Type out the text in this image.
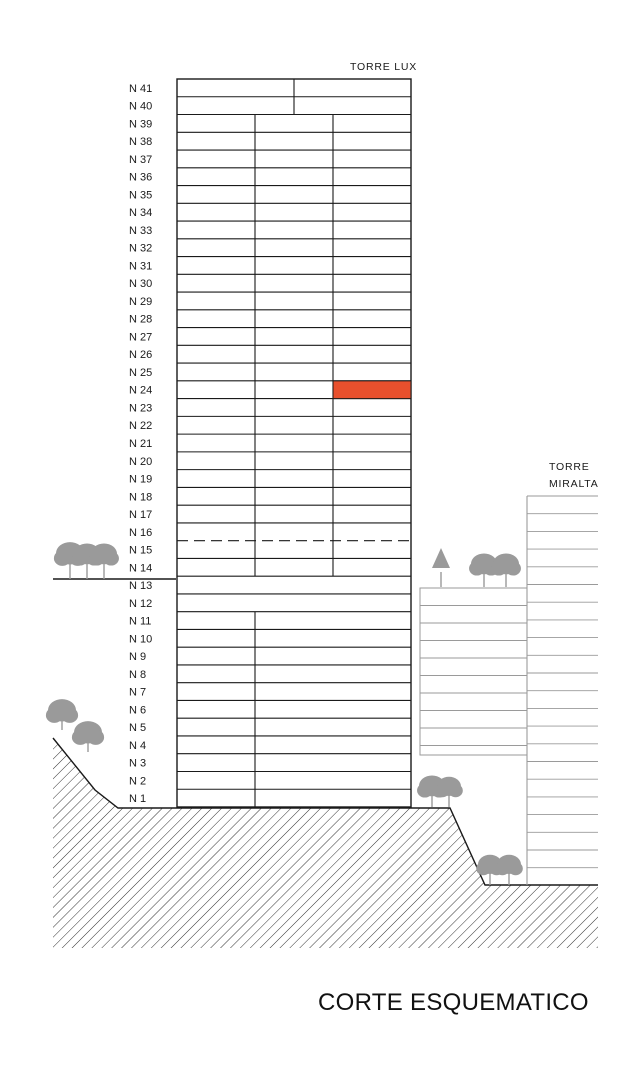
N 1
N 2
N 3
N 4
N 5
N 6
N 7
N 8
N 9
N 10
N 11
N 12
N 13
N 14
N 15
N 16
N 17
N 18
N 19
N 20
N 21
N 22
N 23
N 24
N 25
N 26
N 27
N 28
N 29
N 30
N 31
N 32
N 33
N 34
N 35
N 36
N 37
N 38
N 39
N 40
N 41
TORRE LUX
TORRE
MIRALTA
CORTE ESQUEMATICO
